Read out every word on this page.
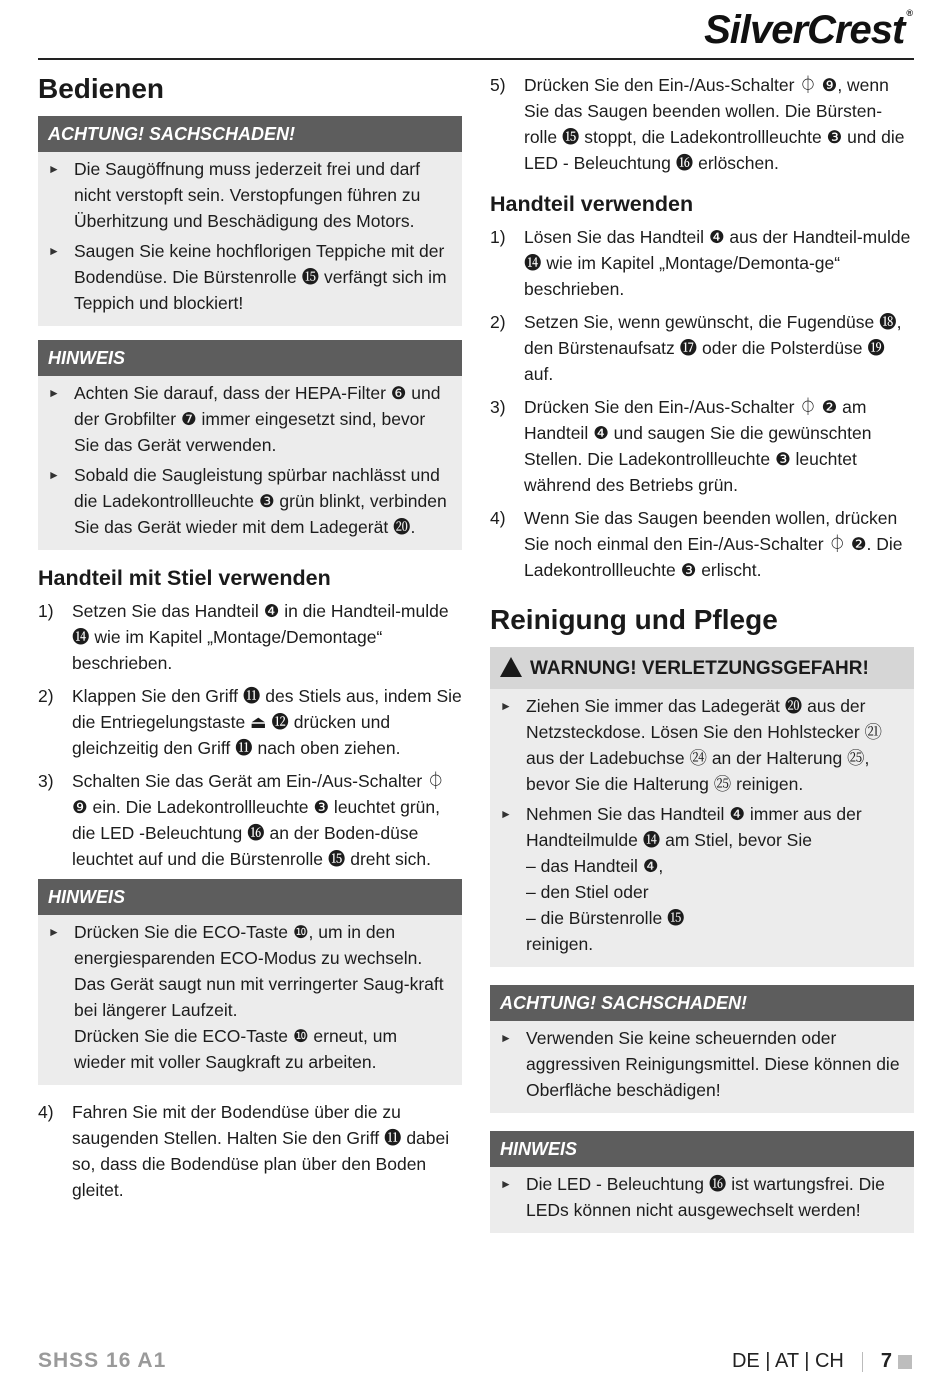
SilverCrest ®
Bedienen
ACHTUNG! SACHSCHADEN!
► Die Saugöffnung muss jederzeit frei und darf nicht verstopft sein. Verstopfungen führen zu Überhitzung und Beschädigung des Motors.
► Saugen Sie keine hochflorigen Teppiche mit der Bodendüse. Die Bürstenrolle ⓯ verfängt sich im Teppich und blockiert!
HINWEIS
► Achten Sie darauf, dass der HEPA-Filter ❻ und der Grobfilter ❼ immer eingesetzt sind, bevor Sie das Gerät verwenden.
► Sobald die Saugleistung spürbar nachlässt und die Ladekontrollleuchte ❸ grün blinkt, verbinden Sie das Gerät wieder mit dem Ladegerät ⓴.
Handteil mit Stiel verwenden
1)	Setzen Sie das Handteil ❹ in die Handteil-mulde ⓮ wie im Kapitel „Montage/Demontage“ beschrieben.
2)	Klappen Sie den Griff ⓫ des Stiels aus, indem Sie die Entriegelungstaste ⏏ ⓬ drücken und gleichzeitig den Griff ⓫ nach oben ziehen.
3)	Schalten Sie das Gerät am Ein-/Aus-Schalter ⏀ ❾ ein. Die Ladekontrollleuchte ❸ leuchtet grün, die LED -Beleuchtung ⓰ an der Boden-düse leuchtet auf und die Bürstenrolle ⓯ dreht sich.
HINWEIS
► Drücken Sie die ECO-Taste ❿, um in den energiesparenden ECO-Modus zu wechseln. Das Gerät saugt nun mit verringerter Saug-kraft bei längerer Laufzeit.
Drücken Sie die ECO-Taste ❿ erneut, um wieder mit voller Saugkraft zu arbeiten.
4)	Fahren Sie mit der Bodendüse über die zu saugenden Stellen. Halten Sie den Griff ⓫ dabei so, dass die Bodendüse plan über den Boden gleitet.
5)	Drücken Sie den Ein-/Aus-Schalter ⏀ ❾, wenn Sie das Saugen beenden wollen. Die Bürsten-rolle ⓯ stoppt, die Ladekontrollleuchte ❸ und die LED - Beleuchtung ⓰ erlöschen.
Handteil verwenden
1)	Lösen Sie das Handteil ❹ aus der Handteil-mulde ⓮ wie im Kapitel „Montage/Demonta-ge“ beschrieben.
2)	Setzen Sie, wenn gewünscht, die Fugendüse ⓲, den Bürstenaufsatz ⓱ oder die Polsterdüse ⓳ auf.
3)	Drücken Sie den Ein-/Aus-Schalter ⏀ ❷ am Handteil ❹ und saugen Sie die gewünschten Stellen. Die Ladekontrollleuchte ❸ leuchtet während des Betriebs grün.
4)	Wenn Sie das Saugen beenden wollen, drücken Sie noch einmal den Ein-/Aus-Schalter ⏀ ❷. Die Ladekontrollleuchte ❸ erlischt.
Reinigung und Pflege
!WARNUNG! VERLETZUNGSGEFAHR!
► Ziehen Sie immer das Ladegerät ⓴ aus der Netzsteckdose. Lösen Sie den Hohlstecker ㉑ aus der Ladebuchse ㉔ an der Halterung ㉕, bevor Sie die Halterung ㉕ reinigen.
► Nehmen Sie das Handteil ❹ immer aus der Handteilmulde ⓮ am Stiel, bevor Sie
– das Handteil ❹,
– den Stiel oder
– die Bürstenrolle ⓯
reinigen.
ACHTUNG! SACHSCHADEN!
► Verwenden Sie keine scheuernden oder aggressiven Reinigungsmittel. Diese können die Oberfläche beschädigen!
HINWEIS
► Die LED - Beleuchtung ⓰ ist wartungsfrei. Die LEDs können nicht ausgewechselt werden!
SHSS 16 A1	DE | AT | CH 7
